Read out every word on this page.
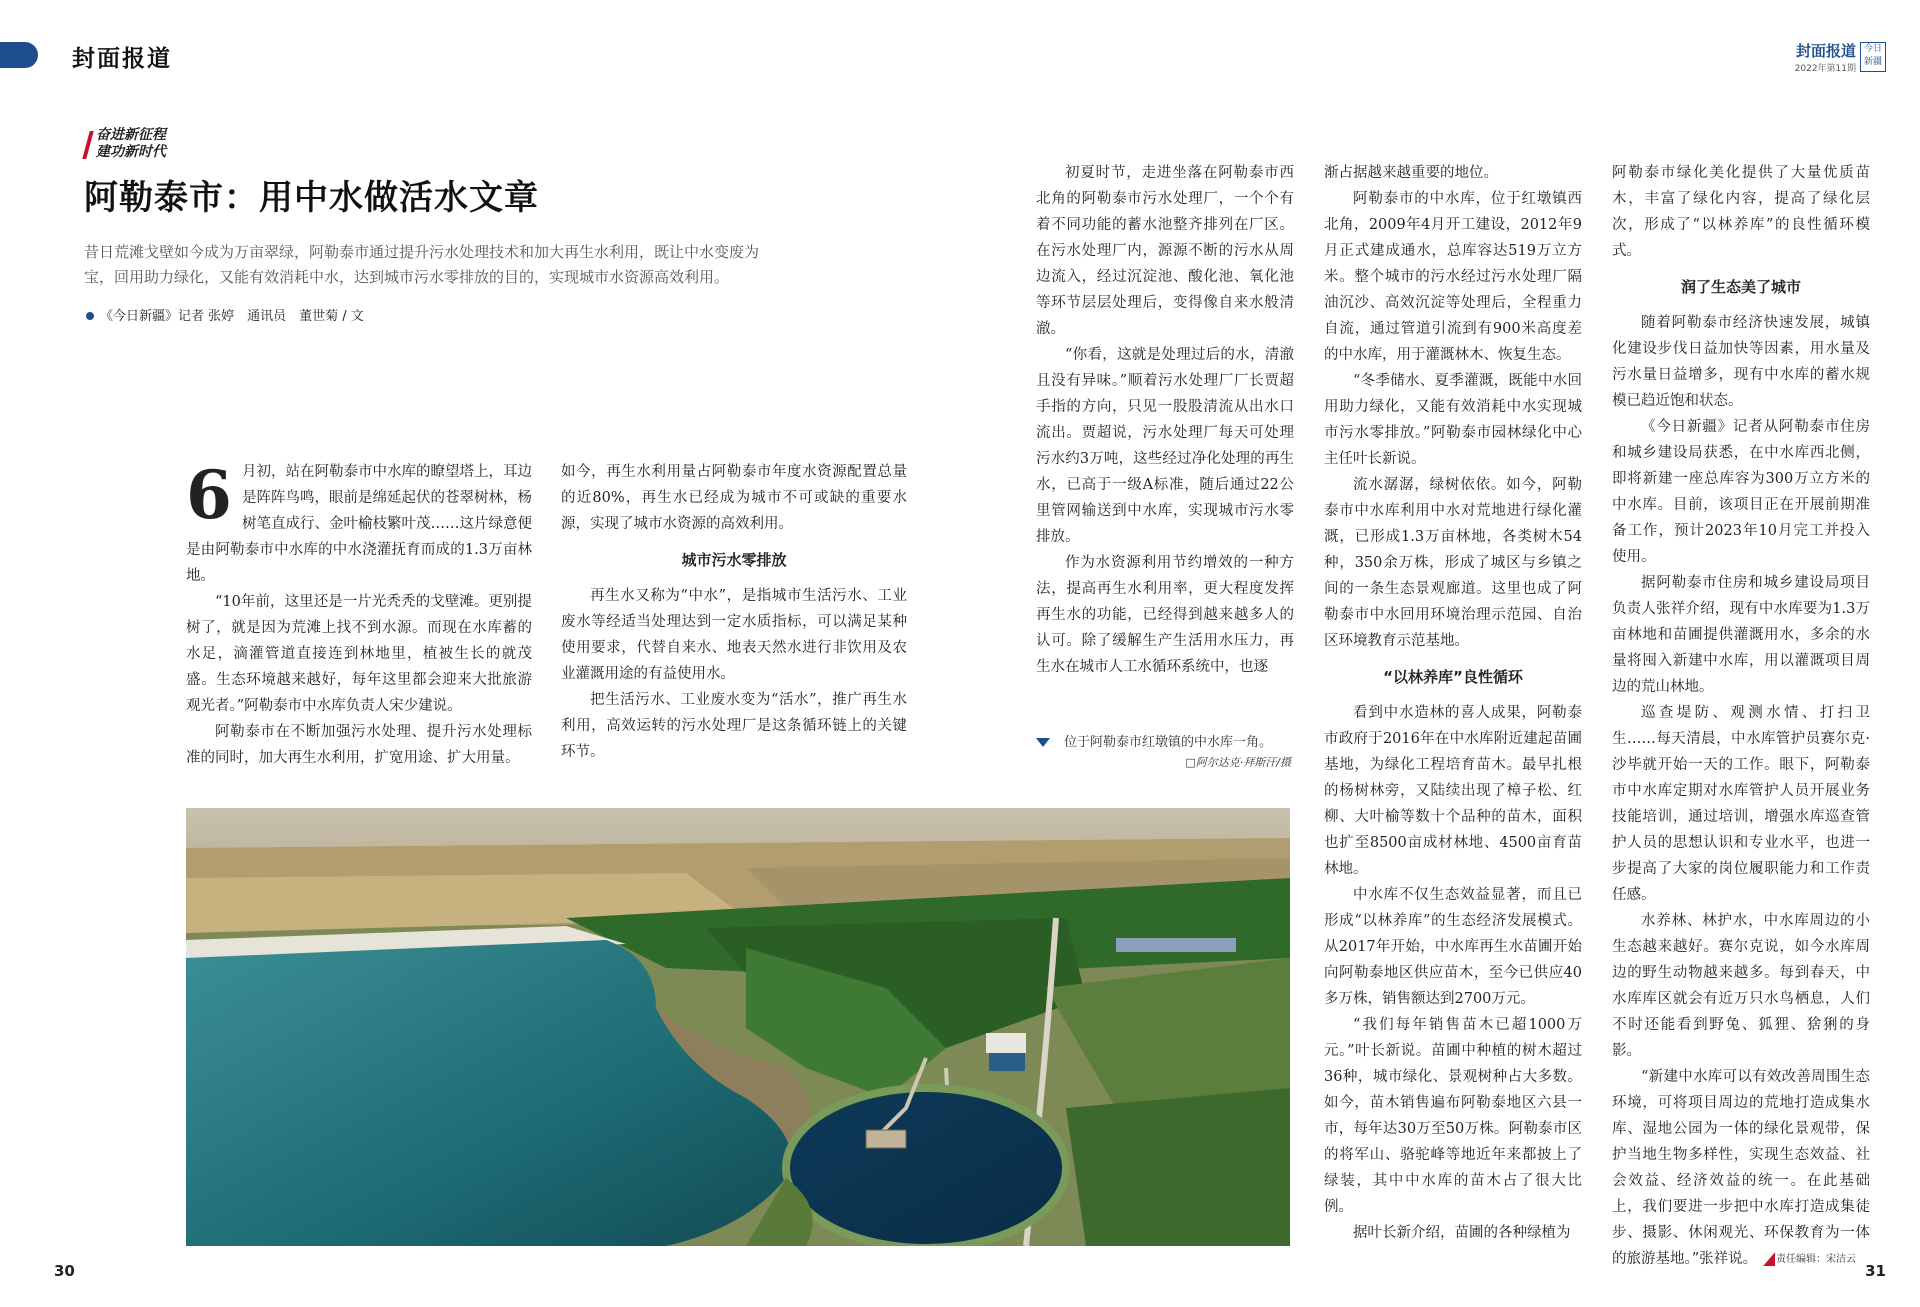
封面报道	封面报道
2022年第11期
今日新疆
奋进新征程
建功新时代
阿勒泰市：用中水做活水文章
昔日荒滩戈壁如今成为万亩翠绿，阿勒泰市通过提升污水处理技术和加大再生水利用，既让中水变废为宝，回用助力绿化，又能有效消耗中水，达到城市污水零排放的目的，实现城市水资源高效利用。
《今日新疆》记者 张婷　通讯员　董世菊 / 文

6 月初，站在阿勒泰市中水库的瞭望塔上，耳边是阵阵鸟鸣，眼前是绵延起伏的苍翠树林，杨树笔直成行、金叶榆枝繁叶茂……这片绿意便是由阿勒泰市中水库的中水浇灌抚育而成的1.3万亩林地。

“10年前，这里还是一片光秃秃的戈壁滩。更别提树了，就是因为荒滩上找不到水源。而现在水库蓄的水足，滴灌管道直接连到林地里，植被生长的就茂盛。生态环境越来越好，每年这里都会迎来大批旅游观光者。”阿勒泰市中水库负责人宋少建说。

阿勒泰市在不断加强污水处理、提升污水处理标准的同时，加大再生水利用，扩宽用途、扩大用量。

如今，再生水利用量占阿勒泰市年度水资源配置总量的近80%，再生水已经成为城市不可或缺的重要水源，实现了城市水资源的高效利用。

城市污水零排放

再生水又称为“中水”，是指城市生活污水、工业废水等经适当处理达到一定水质指标，可以满足某种使用要求，代替自来水、地表天然水进行非饮用及农业灌溉用途的有益使用水。

把生活污水、工业废水变为“活水”，推广再生水利用，高效运转的污水处理厂是这条循环链上的关键环节。

初夏时节，走进坐落在阿勒泰市西北角的阿勒泰市污水处理厂，一个个有着不同功能的蓄水池整齐排列在厂区。在污水处理厂内，源源不断的污水从周边流入，经过沉淀池、酸化池、氧化池等环节层层处理后，变得像自来水般清澈。

“你看，这就是处理过后的水，清澈且没有异味。”顺着污水处理厂厂长贾超手指的方向，只见一股股清流从出水口流出。贾超说，污水处理厂每天可处理污水约3万吨，这些经过净化处理的再生水，已高于一级A标准，随后通过22公里管网输送到中水库，实现城市污水零排放。

作为水资源利用节约增效的一种方法，提高再生水利用率，更大程度发挥再生水的功能，已经得到越来越多人的认可。除了缓解生产生活用水压力，再生水在城市人工水循环系统中，也逐

位于阿勒泰市红墩镇的中水库一角。
□阿尔达克·拜斯汗/摄

渐占据越来越重要的地位。

阿勒泰市的中水库，位于红墩镇西北角，2009年4月开工建设，2012年9月正式建成通水，总库容达519万立方米。整个城市的污水经过污水处理厂隔油沉沙、高效沉淀等处理后，全程重力自流，通过管道引流到有900米高度差的中水库，用于灌溉林木、恢复生态。

“冬季储水、夏季灌溉，既能中水回用助力绿化，又能有效消耗中水实现城市污水零排放。”阿勒泰市园林绿化中心主任叶长新说。

流水潺潺，绿树依依。如今，阿勒泰市中水库利用中水对荒地进行绿化灌溉，已形成1.3万亩林地，各类树木54种，350余万株，形成了城区与乡镇之间的一条生态景观廊道。这里也成了阿勒泰市中水回用环境治理示范园、自治区环境教育示范基地。

“以林养库”良性循环

看到中水造林的喜人成果，阿勒泰市政府于2016年在中水库附近建起苗圃基地，为绿化工程培育苗木。最早扎根的杨树林旁，又陆续出现了樟子松、红柳、大叶榆等数十个品种的苗木，面积也扩至8500亩成材林地、4500亩育苗林地。

中水库不仅生态效益显著，而且已形成“以林养库”的生态经济发展模式。从2017年开始，中水库再生水苗圃开始向阿勒泰地区供应苗木，至今已供应40多万株，销售额达到2700万元。

“我们每年销售苗木已超1000万元。”叶长新说。苗圃中种植的树木超过36种，城市绿化、景观树种占大多数。如今，苗木销售遍布阿勒泰地区六县一市，每年达30万至50万株。阿勒泰市区的将军山、骆驼峰等地近年来都披上了绿装，其中中水库的苗木占了很大比例。

据叶长新介绍，苗圃的各种绿植为

阿勒泰市绿化美化提供了大量优质苗木，丰富了绿化内容，提高了绿化层次，形成了“以林养库”的良性循环模式。

润了生态美了城市

随着阿勒泰市经济快速发展，城镇化建设步伐日益加快等因素，用水量及污水量日益增多，现有中水库的蓄水规模已趋近饱和状态。

《今日新疆》记者从阿勒泰市住房和城乡建设局获悉，在中水库西北侧，即将新建一座总库容为300万立方米的中水库。目前，该项目正在开展前期准备工作，预计2023年10月完工并投入使用。

据阿勒泰市住房和城乡建设局项目负责人张祥介绍，现有中水库要为1.3万亩林地和苗圃提供灌溉用水，多余的水量将囤入新建中水库，用以灌溉项目周边的荒山林地。

巡查堤防、观测水情、打扫卫生……每天清晨，中水库管护员赛尔克·沙毕就开始一天的工作。眼下，阿勒泰市中水库定期对水库管护人员开展业务技能培训，通过培训，增强水库巡查管护人员的思想认识和专业水平，也进一步提高了大家的岗位履职能力和工作责任感。

水养林、林护水，中水库周边的小生态越来越好。赛尔克说，如今水库周边的野生动物越来越多。每到春天，中水库库区就会有近万只水鸟栖息，人们不时还能看到野兔、狐狸、猞猁的身影。

“新建中水库可以有效改善周围生态环境，可将项目周边的荒地打造成集水库、湿地公园为一体的绿化景观带，保护当地生物多样性，实现生态效益、社会效益、经济效益的统一。在此基础上，我们要进一步把中水库打造成集徒步、摄影、休闲观光、环保教育为一体的旅游基地。”张祥说。

30	31
责任编辑：宋洁云
